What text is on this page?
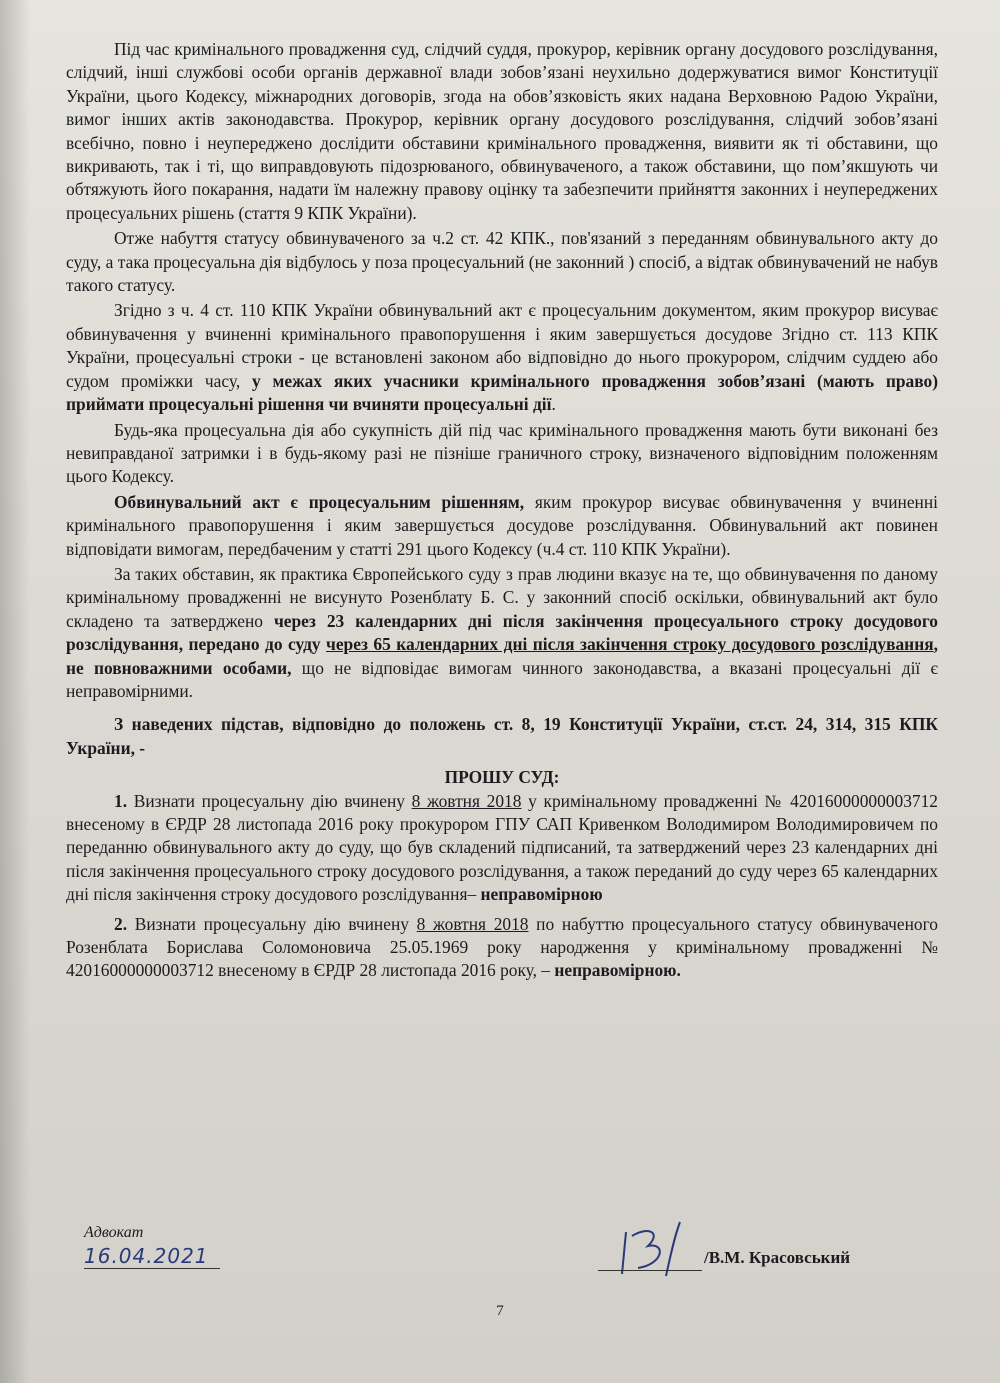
Під час кримінального провадження суд, слідчий суддя, прокурор, керівник органу досудового розслідування, слідчий, інші службові особи органів державної влади зобов’язані неухильно додержуватися вимог Конституції України, цього Кодексу, міжнародних договорів, згода на обов’язковість яких надана Верховною Радою України, вимог інших актів законодавства. Прокурор, керівник органу досудового розслідування, слідчий зобов’язані всебічно, повно і неупереджено дослідити обставини кримінального провадження, виявити як ті обставини, що викривають, так і ті, що виправдовують підозрюваного, обвинуваченого, а також обставини, що пом’якшують чи обтяжують його покарання, надати їм належну правову оцінку та забезпечити прийняття законних і неупереджених процесуальних рішень (стаття 9 КПК України).

Отже набуття статусу обвинуваченого за ч.2 ст. 42 КПК., пов'язаний з переданням обвинувального актy до суду, а така процесуальна дія відбулось у поза процесуальний (не законний ) спосіб, а відтак обвинувачений не набув такого статусу.

Згідно з ч. 4 ст. 110 КПК України обвинувальний акт є процесуальним документом, яким прокурор висуває обвинувачення у вчиненні кримінального правопорушення і яким завершується досудове Згідно ст. 113 КПК України, процесуальні строки - це встановлені законом або відповідно до нього прокурором, слідчим суддею або судом проміжки часу, у межах яких учасники кримінального провадження зобов’язані (мають право) приймати процесуальні рішення чи вчиняти процесуальні дії.

Будь-яка процесуальна дія або сукупність дій під час кримінального провадження мають бути виконані без невиправданої затримки і в будь-якому разі не пізніше граничного строку, визначеного відповідним положенням цього Кодексу.

Обвинувальний акт є процесуальним рішенням, яким прокурор висуває обвинувачення у вчиненні кримінального правопорушення і яким завершується досудове розслідування. Обвинувальний акт повинен відповідати вимогам, передбаченим у статті 291 цього Кодексу (ч.4 ст. 110 КПК України).

За таких обставин, як практика Європейського суду з прав людини вказує на те, що обвинувачення по даному кримінальному провадженні не висунуто Розенблату Б. С. у законний спосіб оскільки, обвинувальний акт було складено та затверджено через 23 календарних дні після закінчення процесуального строку досудового розслідування, передано до суду через 65 календарних дні після закінчення строку досудового розслідування, не повноважними особами, що не відповідає вимогам чинного законодавства, а вказані процесуальні дії є неправомірними.

З наведених підстав, відповідно до положень ст. 8, 19 Конституції України, ст.ст. 24, 314, 315 КПК України, -

ПРОШУ СУД:

1. Визнати процесуальну дію вчинену 8 жовтня 2018 у кримінальному провадженні № 42016000000003712 внесеному в ЄРДР 28 листопада 2016 року прокурором ГПУ САП Кривенком Володимиром Володимировичем по переданню обвинувального акту до суду, що був складений підписаний, та затверджений через 23 календарних дні після закінчення процесуального строку досудового розслідування, а також переданий до суду через 65 календарних дні після закінчення строку досудового розслідування– неправомірною

2. Визнати процесуальну дію вчинену 8 жовтня 2018 по набуттю процесуального статусу обвинуваченого Розенблата Борислава Соломоновича 25.05.1969 року народження у кримінальному провадженні № 42016000000003712 внесеному в ЄРДР 28 листопада 2016 року, – неправомірною.

Адвокат
16.04.2021	/В.М. Красовський
7
